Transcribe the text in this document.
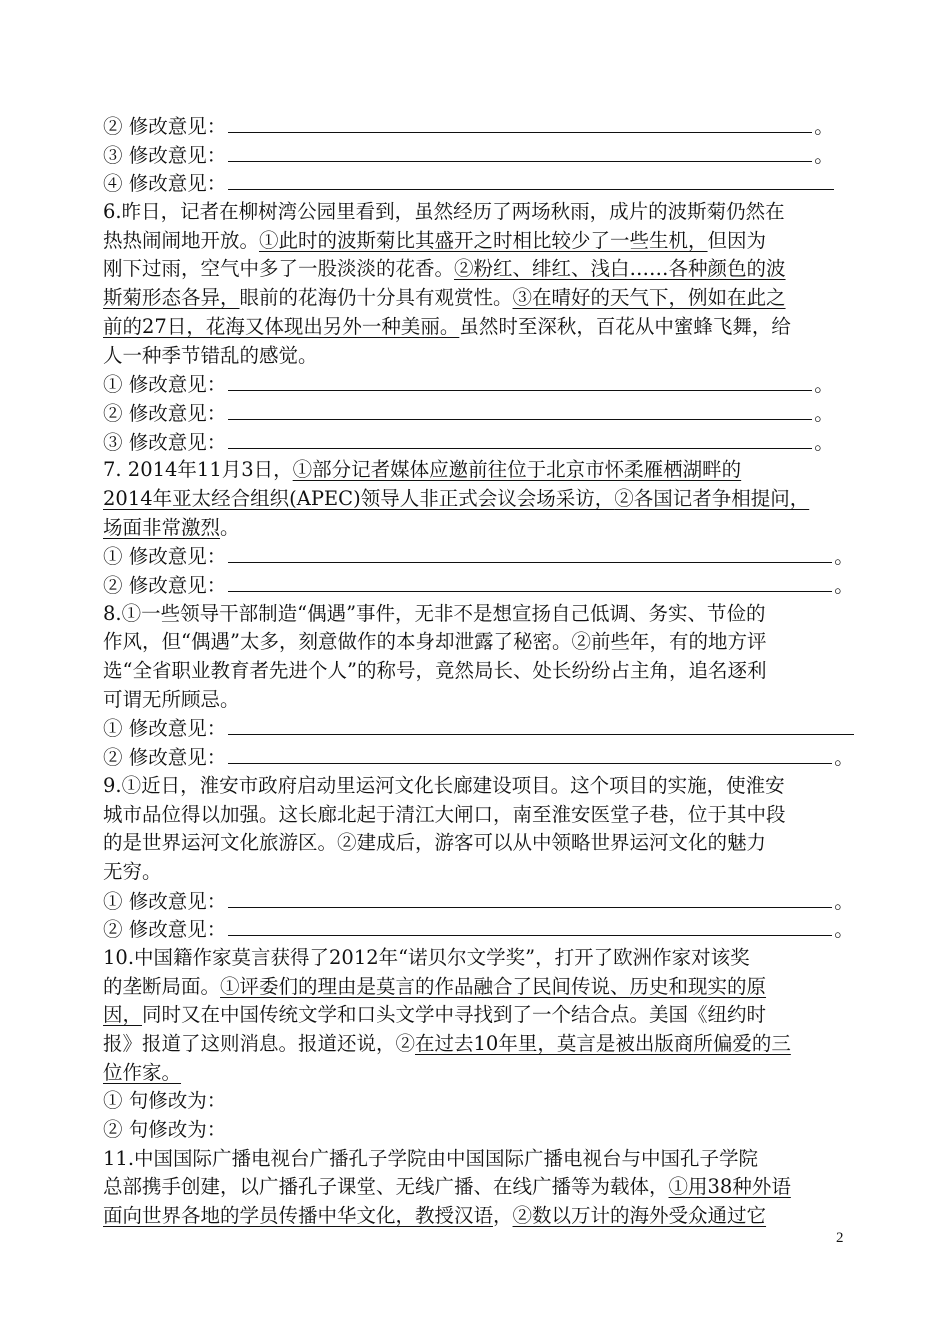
② 修改意见：	。
③ 修改意见：	。
④ 修改意见：
6.昨日，记者在柳树湾公园里看到，虽然经历了两场秋雨，成片的波斯菊仍然在
热热闹闹地开放。①此时的波斯菊比其盛开之时相比较少了一些生机，但因为
刚下过雨，空气中多了一股淡淡的花香。②粉红、绯红、浅白……各种颜色的波
斯菊形态各异，眼前的花海仍十分具有观赏性。③在晴好的天气下，例如在此之
前的27日，花海又体现出另外一种美丽。虽然时至深秋，百花从中蜜蜂飞舞，给
人一种季节错乱的感觉。
① 修改意见：	。
② 修改意见：	。
③ 修改意见：	。
7. 2014年11月3日，①部分记者媒体应邀前往位于北京市怀柔雁栖湖畔的
2014年亚太经合组织(APEC)领导人非正式会议会场采访，②各国记者争相提问，
场面非常激烈。
① 修改意见：	。
② 修改意见：	。
8.①一些领导干部制造“偶遇”事件，无非不是想宣扬自己低调、务实、节俭的
作风，但“偶遇”太多，刻意做作的本身却泄露了秘密。②前些年，有的地方评
选“全省职业教育者先进个人”的称号，竟然局长、处长纷纷占主角，追名逐利
可谓无所顾忌。
① 修改意见：
② 修改意见：	。
9.①近日，淮安市政府启动里运河文化长廊建设项目。这个项目的实施，使淮安
城市品位得以加强。这长廊北起于清江大闸口，南至淮安医堂子巷，位于其中段
的是世界运河文化旅游区。②建成后，游客可以从中领略世界运河文化的魅力
无穷。
① 修改意见：	。
② 修改意见：	。
10.中国籍作家莫言获得了2012年“诺贝尔文学奖”，打开了欧洲作家对该奖
的垄断局面。①评委们的理由是莫言的作品融合了民间传说、历史和现实的原
因，同时又在中国传统文学和口头文学中寻找到了一个结合点。美国《纽约时
报》报道了这则消息。报道还说，②在过去10年里，莫言是被出版商所偏爱的三
位作家。
① 句修改为：
② 句修改为：
11.中国国际广播电视台广播孔子学院由中国国际广播电视台与中国孔子学院
总部携手创建，以广播孔子课堂、无线广播、在线广播等为载体，①用38种外语
面向世界各地的学员传播中华文化，教授汉语，②数以万计的海外受众通过它
2
